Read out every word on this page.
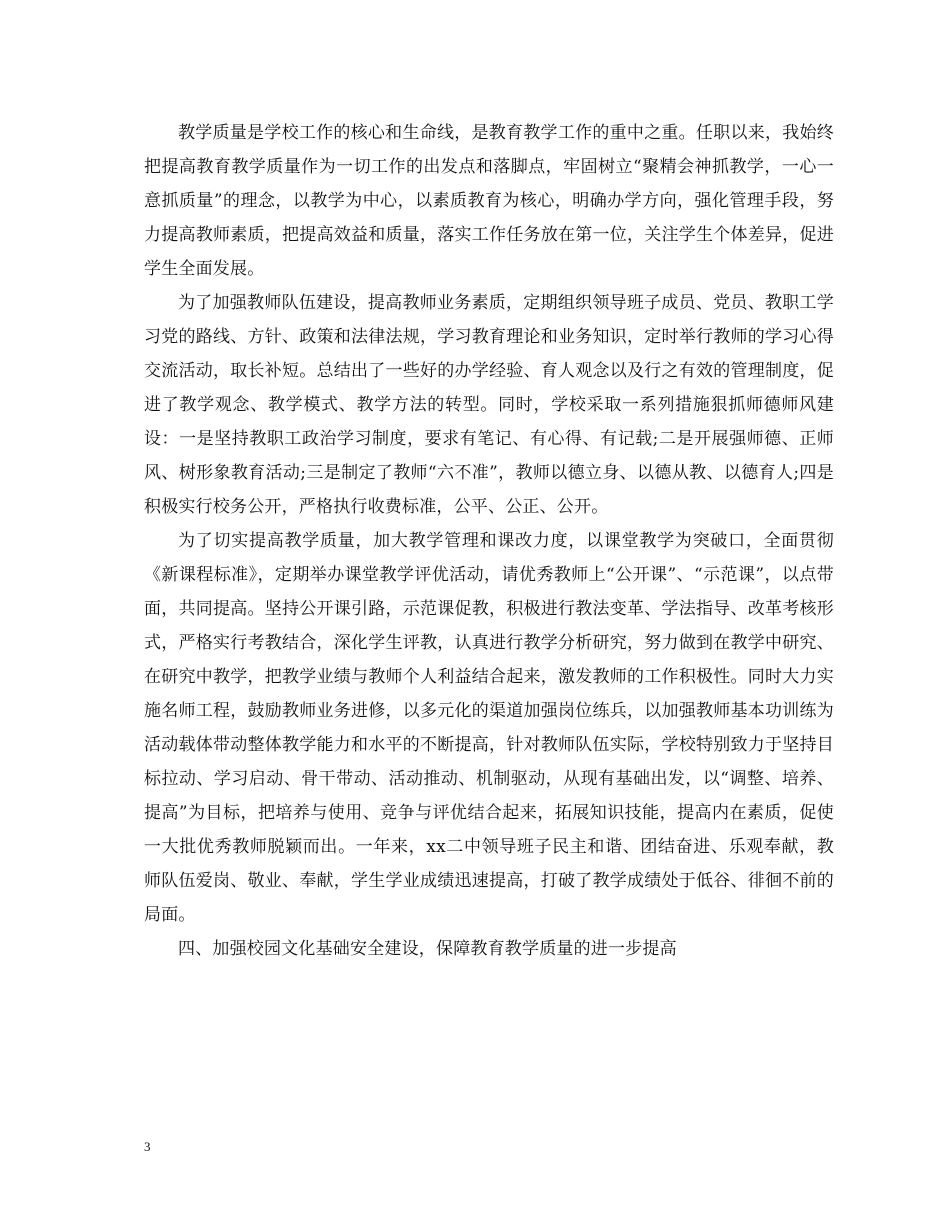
教学质量是学校工作的核心和生命线，是教育教学工作的重中之重。任职以来，我始终把提高教育教学质量作为一切工作的出发点和落脚点，牢固树立“聚精会神抓教学，一心一意抓质量”的理念，以教学为中心，以素质教育为核心，明确办学方向，强化管理手段，努力提高教师素质，把提高效益和质量，落实工作任务放在第一位，关注学生个体差异，促进学生全面发展。

为了加强教师队伍建设，提高教师业务素质，定期组织领导班子成员、党员、教职工学习党的路线、方针、政策和法律法规，学习教育理论和业务知识，定时举行教师的学习心得交流活动，取长补短。总结出了一些好的办学经验、育人观念以及行之有效的管理制度，促进了教学观念、教学模式、教学方法的转型。同时，学校采取一系列措施狠抓师德师风建设：一是坚持教职工政治学习制度，要求有笔记、有心得、有记载;二是开展强师德、正师风、树形象教育活动;三是制定了教师“六不准”，教师以德立身、以德从教、以德育人;四是积极实行校务公开，严格执行收费标准，公平、公正、公开。

为了切实提高教学质量，加大教学管理和课改力度，以课堂教学为突破口，全面贯彻《新课程标准》，定期举办课堂教学评优活动，请优秀教师上“公开课”、“示范课”，以点带面，共同提高。坚持公开课引路，示范课促教，积极进行教法变革、学法指导、改革考核形式，严格实行考教结合，深化学生评教，认真进行教学分析研究，努力做到在教学中研究、在研究中教学，把教学业绩与教师个人利益结合起来，激发教师的工作积极性。同时大力实施名师工程，鼓励教师业务进修，以多元化的渠道加强岗位练兵，以加强教师基本功训练为活动载体带动整体教学能力和水平的不断提高，针对教师队伍实际，学校特别致力于坚持目标拉动、学习启动、骨干带动、活动推动、机制驱动，从现有基础出发，以“调整、培养、提高”为目标，把培养与使用、竞争与评优结合起来，拓展知识技能，提高内在素质，促使一大批优秀教师脱颖而出。一年来，xx二中领导班子民主和谐、团结奋进、乐观奉献，教师队伍爱岗、敬业、奉献，学生学业成绩迅速提高，打破了教学成绩处于低谷、徘徊不前的局面。

四、加强校园文化基础安全建设，保障教育教学质量的进一步提高

3
